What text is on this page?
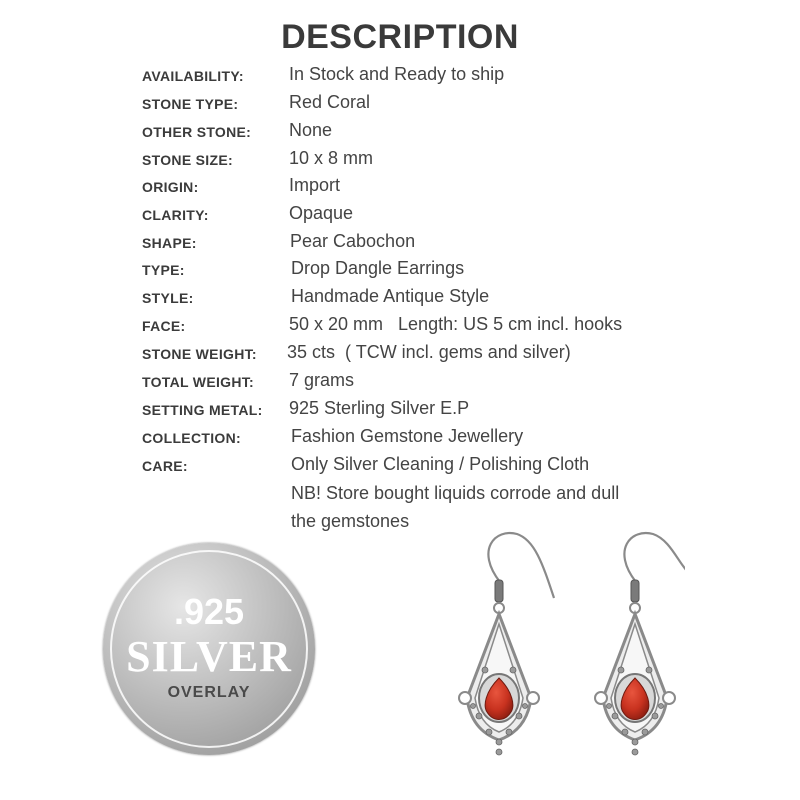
DESCRIPTION
AVAILABILITY:	In Stock and Ready to ship
STONE TYPE:	Red Coral
OTHER STONE: None
STONE SIZE:	10 x 8 mm
ORIGIN:	Import
CLARITY:	Opaque
SHAPE:	Pear Cabochon
TYPE:	Drop Dangle Earrings
STYLE:	Handmade Antique Style
FACE:	50 x 20 mm   Length: US 5 cm incl. hooks
STONE WEIGHT: 35 cts  ( TCW incl. gems and silver)
TOTAL WEIGHT: 7 grams
SETTING METAL: 925 Sterling Silver E.P
COLLECTION:	Fashion Gemstone Jewellery
CARE:	Only Silver Cleaning / Polishing Cloth
NB! Store bought liquids corrode and dull
the gemstones
.925
SILVER
OVERLAY
